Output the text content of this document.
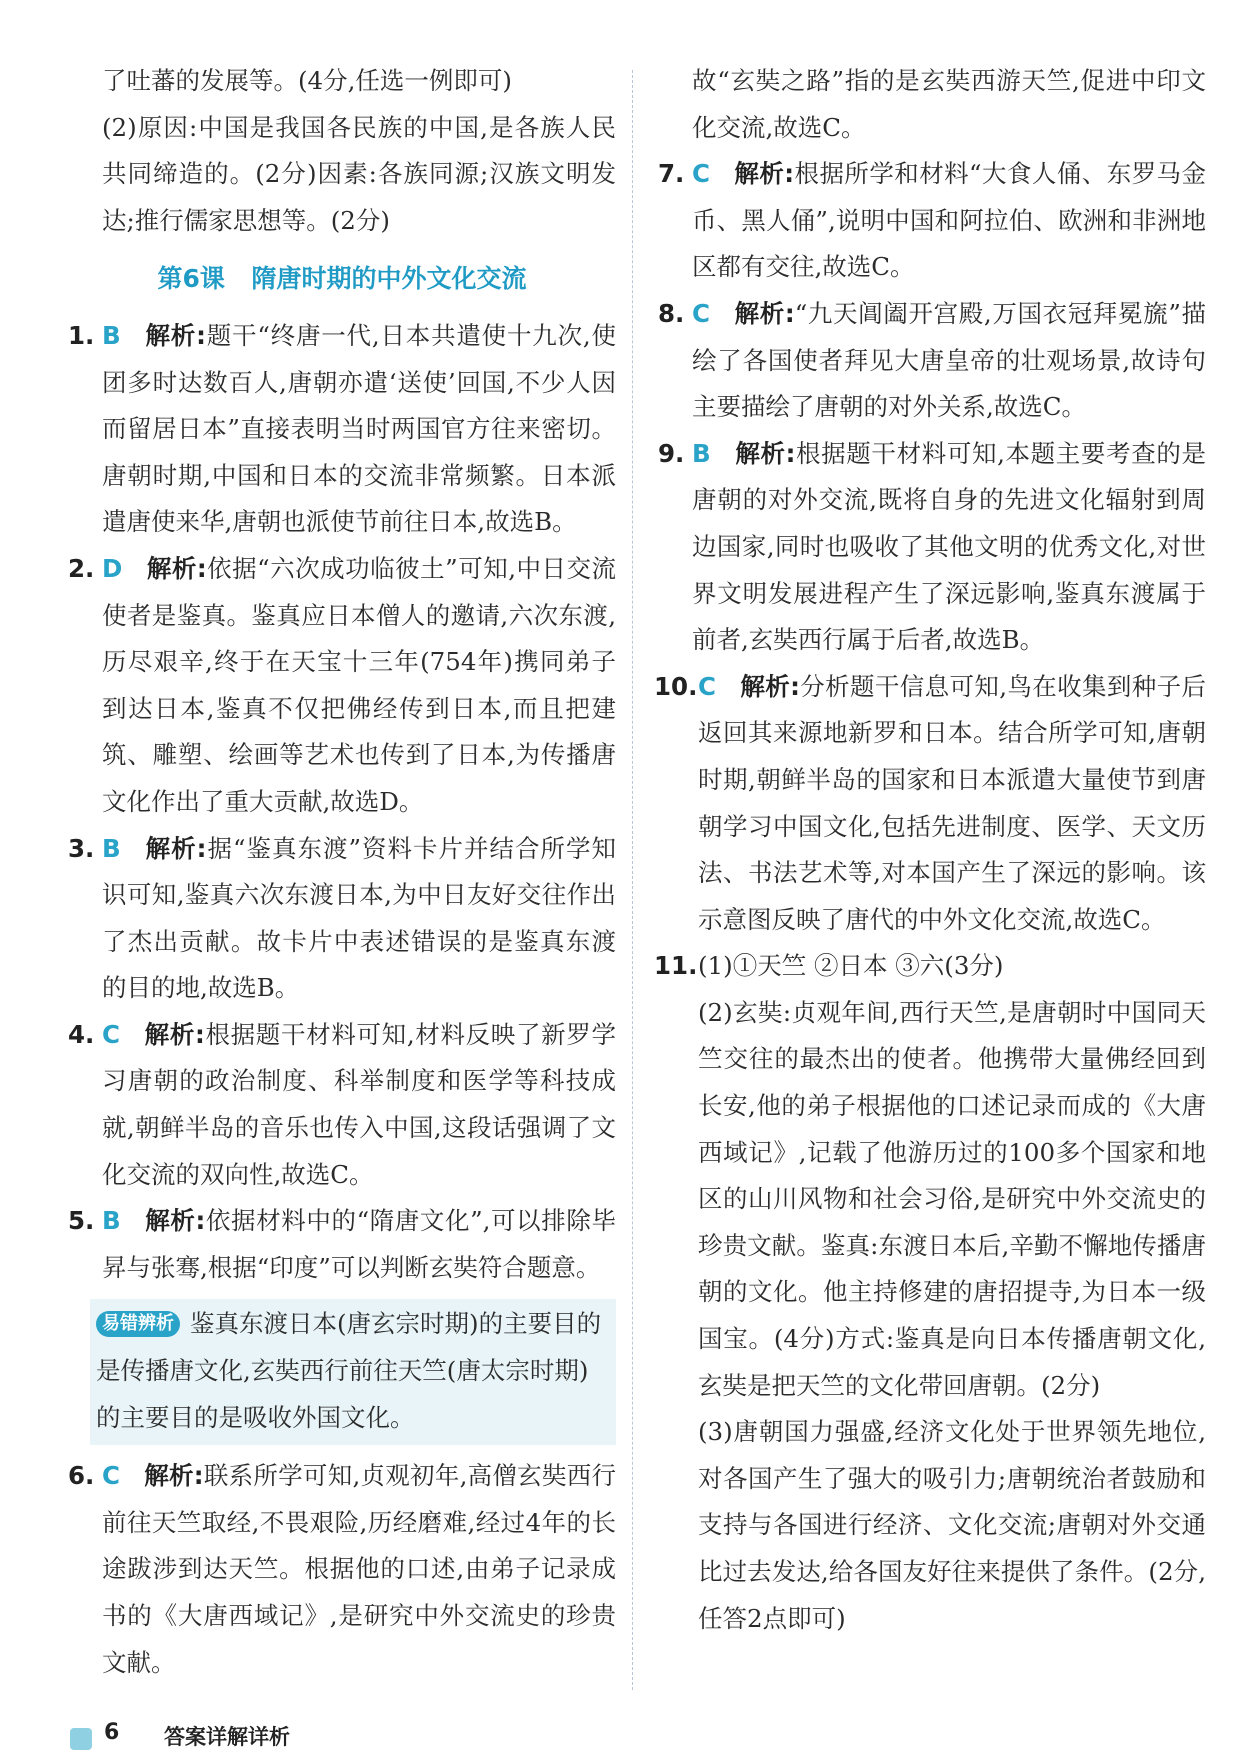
了吐蕃的发展等。(4分,任选一例即可)

(2)原因:中国是我国各民族的中国,是各族人民共同缔造的。(2分)因素:各族同源;汉族文明发达;推行儒家思想等。(2分)

第6课 隋唐时期的中外文化交流
1. B 解析:题干“终唐一代,日本共遣使十九次,使团多时达数百人,唐朝亦遣‘送使’回国,不少人因而留居日本”直接表明当时两国官方往来密切。唐朝时期,中国和日本的交流非常频繁。日本派遣唐使来华,唐朝也派使节前往日本,故选B。
2. D 解析:依据“六次成功临彼土”可知,中日交流使者是鉴真。鉴真应日本僧人的邀请,六次东渡,历尽艰辛,终于在天宝十三年(754年)携同弟子到达日本,鉴真不仅把佛经传到日本,而且把建筑、雕塑、绘画等艺术也传到了日本,为传播唐文化作出了重大贡献,故选D。
3. B 解析:据“鉴真东渡”资料卡片并结合所学知识可知,鉴真六次东渡日本,为中日友好交往作出了杰出贡献。故卡片中表述错误的是鉴真东渡的目的地,故选B。
4. C 解析:根据题干材料可知,材料反映了新罗学习唐朝的政治制度、科举制度和医学等科技成就,朝鲜半岛的音乐也传入中国,这段话强调了文化交流的双向性,故选C。
5. B 解析:依据材料中的“隋唐文化”,可以排除毕昇与张骞,根据“印度”可以判断玄奘符合题意。
易错辨析 鉴真东渡日本(唐玄宗时期)的主要目的是传播唐文化,玄奘西行前往天竺(唐太宗时期)的主要目的是吸收外国文化。
6. C 解析:联系所学可知,贞观初年,高僧玄奘西行前往天竺取经,不畏艰险,历经磨难,经过4年的长途跋涉到达天竺。根据他的口述,由弟子记录成书的《大唐西域记》,是研究中外交流史的珍贵文献。

故“玄奘之路”指的是玄奘西游天竺,促进中印文化交流,故选C。

7. C 解析:根据所学和材料“大食人俑、东罗马金币、黑人俑”,说明中国和阿拉伯、欧洲和非洲地区都有交往,故选C。
8. C 解析:“九天阊阖开宫殿,万国衣冠拜冕旒”描绘了各国使者拜见大唐皇帝的壮观场景,故诗句主要描绘了唐朝的对外关系,故选C。
9. B 解析:根据题干材料可知,本题主要考查的是唐朝的对外交流,既将自身的先进文化辐射到周边国家,同时也吸收了其他文明的优秀文化,对世界文明发展进程产生了深远影响,鉴真东渡属于前者,玄奘西行属于后者,故选B。
10. C 解析:分析题干信息可知,鸟在收集到种子后返回其来源地新罗和日本。结合所学可知,唐朝时期,朝鲜半岛的国家和日本派遣大量使节到唐朝学习中国文化,包括先进制度、医学、天文历法、书法艺术等,对本国产生了深远的影响。该示意图反映了唐代的中外文化交流,故选C。
11. (1)①天竺 ②日本 ③六(3分)

(2)玄奘:贞观年间,西行天竺,是唐朝时中国同天竺交往的最杰出的使者。他携带大量佛经回到长安,他的弟子根据他的口述记录而成的《大唐西域记》,记载了他游历过的100多个国家和地区的山川风物和社会习俗,是研究中外交流史的珍贵文献。鉴真:东渡日本后,辛勤不懈地传播唐朝的文化。他主持修建的唐招提寺,为日本一级国宝。(4分)方式:鉴真是向日本传播唐朝文化,玄奘是把天竺的文化带回唐朝。(2分)

(3)唐朝国力强盛,经济文化处于世界领先地位,对各国产生了强大的吸引力;唐朝统治者鼓励和支持与各国进行经济、文化交流;唐朝对外交通比过去发达,给各国友好往来提供了条件。(2分,任答2点即可)

6 答案详解详析
